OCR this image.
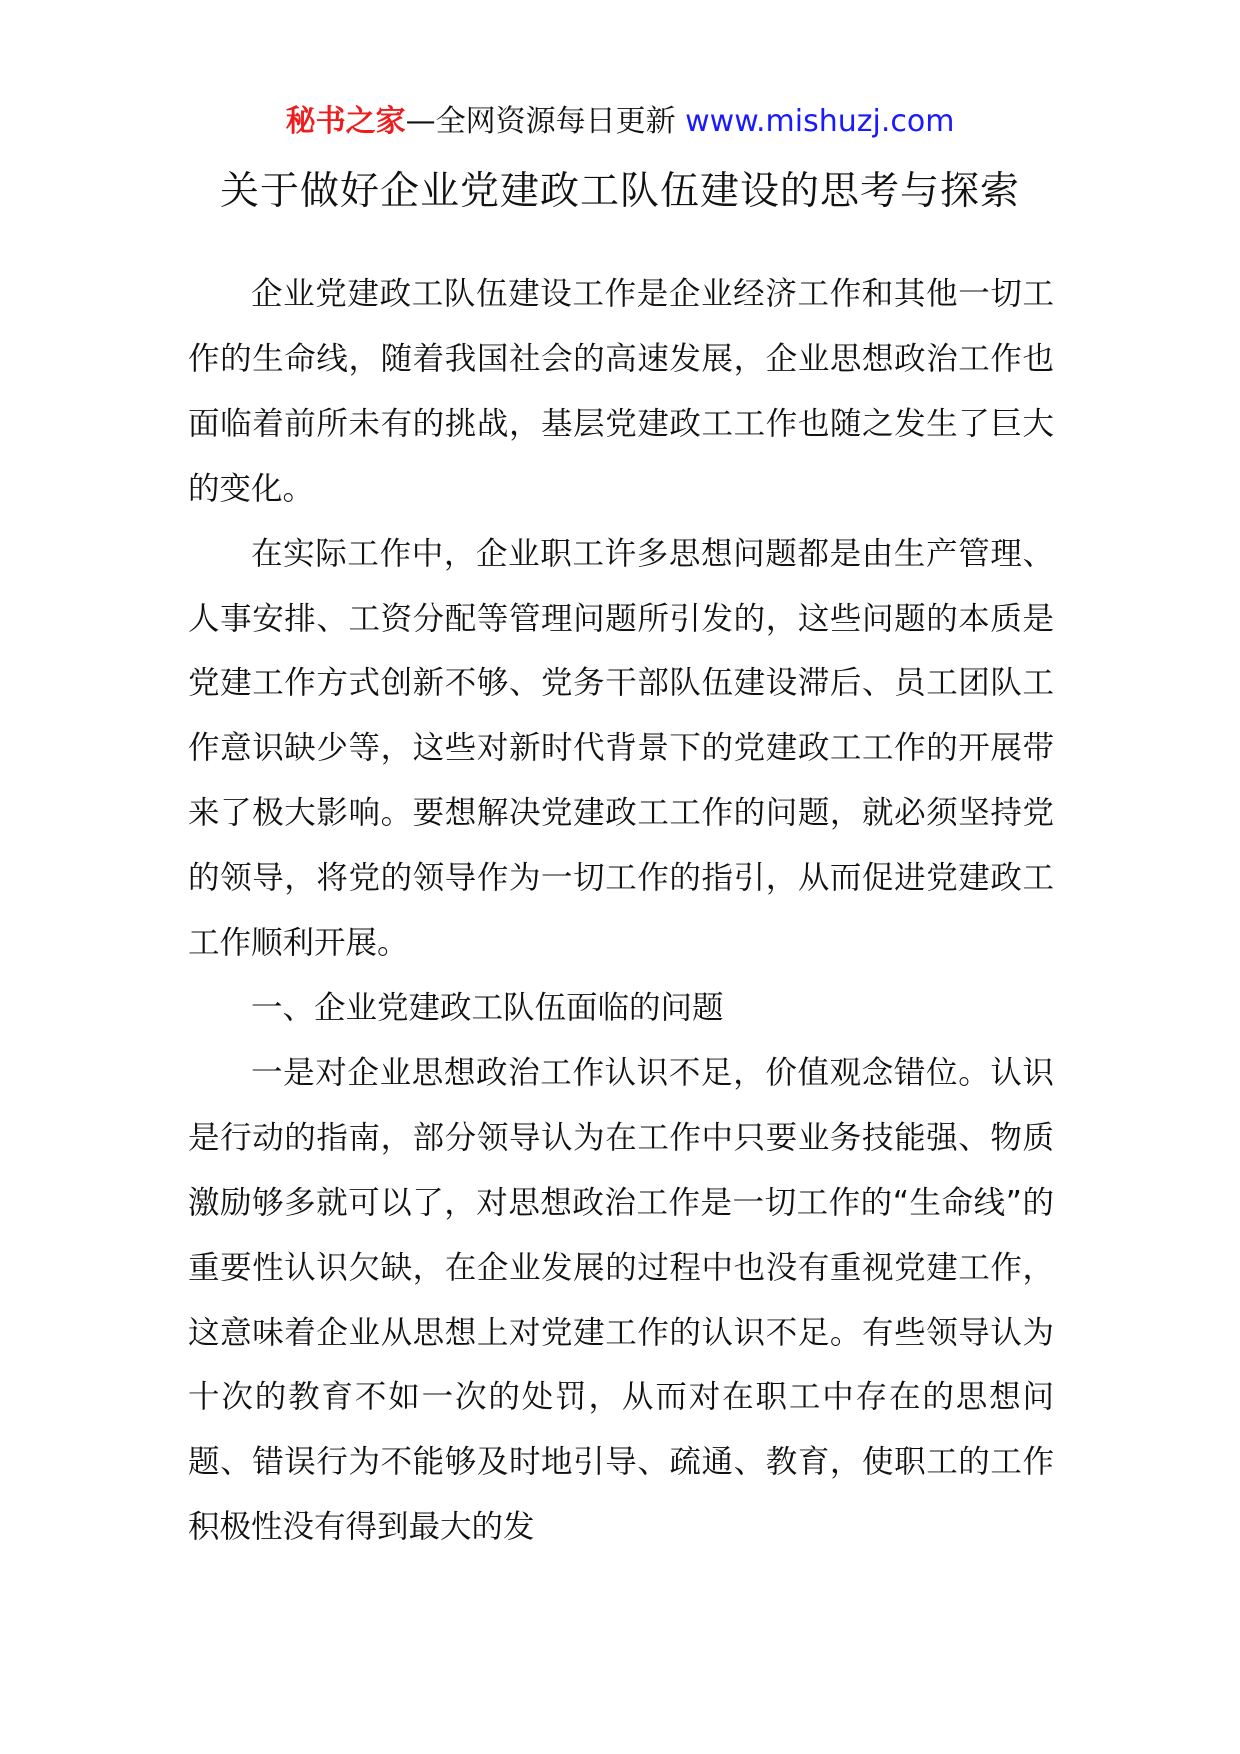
秘书之家—全网资源每日更新 www.mishuzj.com
关于做好企业党建政工队伍建设的思考与探索

企业党建政工队伍建设工作是企业经济工作和其他一切工作的生命线，随着我国社会的高速发展，企业思想政治工作也面临着前所未有的挑战，基层党建政工工作也随之发生了巨大的变化。

在实际工作中，企业职工许多思想问题都是由生产管理、人事安排、工资分配等管理问题所引发的，这些问题的本质是党建工作方式创新不够、党务干部队伍建设滞后、员工团队工作意识缺少等，这些对新时代背景下的党建政工工作的开展带来了极大影响。要想解决党建政工工作的问题，就必须坚持党的领导，将党的领导作为一切工作的指引，从而促进党建政工工作顺利开展。

一、企业党建政工队伍面临的问题

一是对企业思想政治工作认识不足，价值观念错位。认识是行动的指南，部分领导认为在工作中只要业务技能强、物质激励够多就可以了，对思想政治工作是一切工作的“生命线”的重要性认识欠缺，在企业发展的过程中也没有重视党建工作，这意味着企业从思想上对党建工作的认识不足。有些领导认为十次的教育不如一次的处罚，从而对在职工中存在的思想问题、错误行为不能够及时地引导、疏通、教育，使职工的工作积极性没有得到最大的发
